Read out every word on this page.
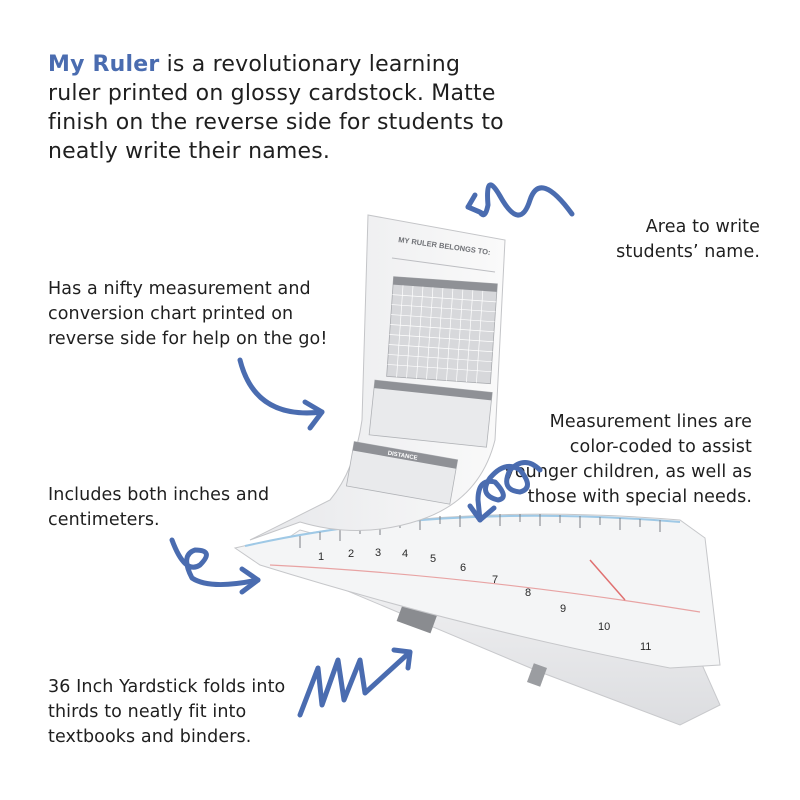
My Ruler is a revolutionary learning ruler printed on glossy cardstock. Matte finish on the reverse side for students to neatly write their names.
Area to write students’ name.
Has a nifty measurement and conversion chart printed on reverse side for help on the go!
Measurement lines are color-coded to assist younger children, as well as those with special needs.
Includes both inches and centimeters.
36 Inch Yardstick folds into thirds to neatly fit into textbooks and binders.
1 2 3 4 5
6
7
8
9
10
11
MY RULER BELONGS TO:
DISTANCE
